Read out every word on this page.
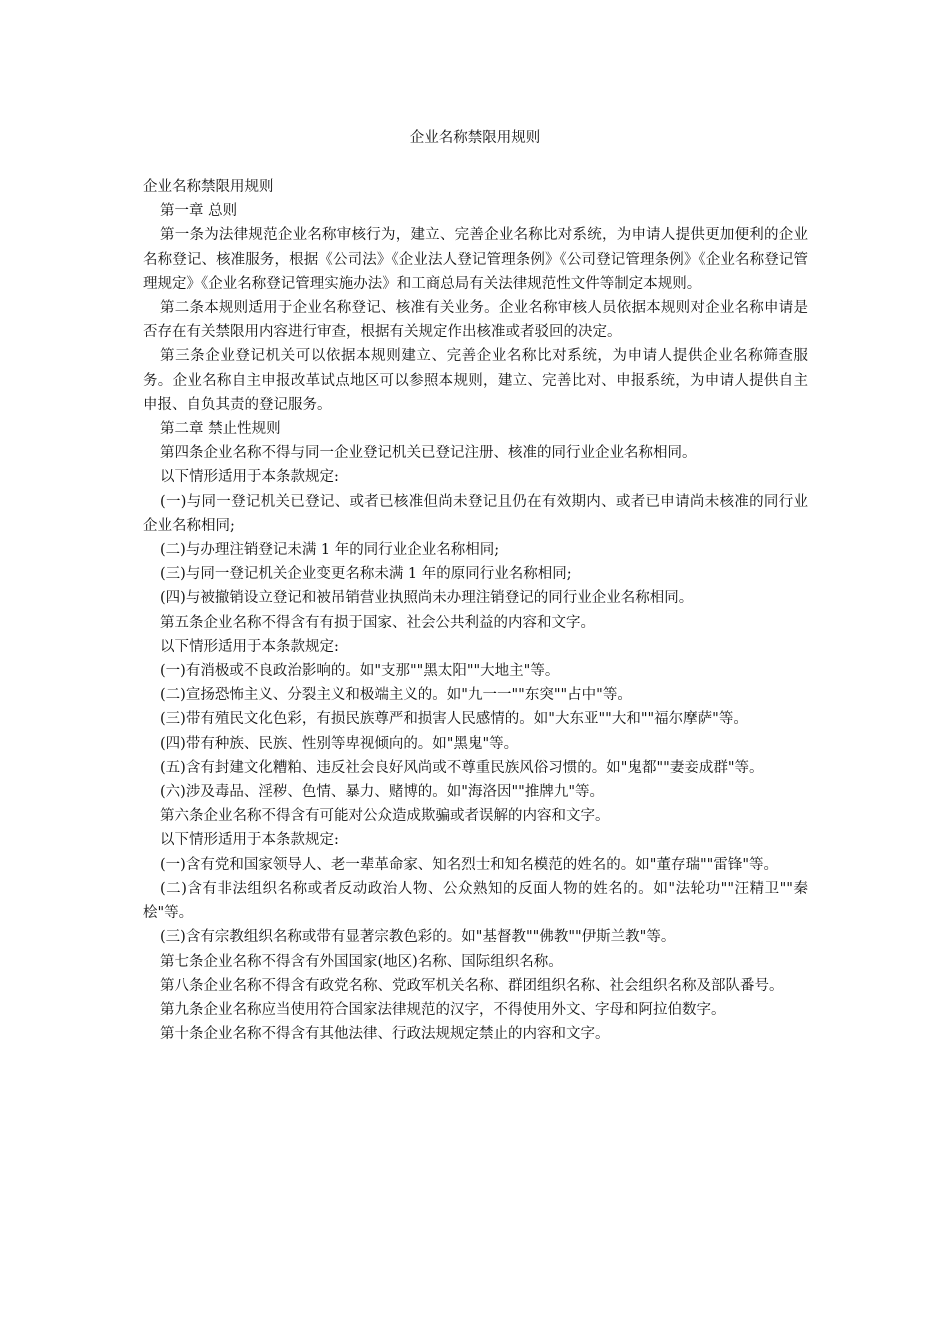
企业名称禁限用规则

企业名称禁限用规则

第一章 总则

第一条为法律规范企业名称审核行为，建立、完善企业名称比对系统，为申请人提供更加便利的企业名称登记、核准服务，根据《公司法》《企业法人登记管理条例》《公司登记管理条例》《企业名称登记管理规定》《企业名称登记管理实施办法》和工商总局有关法律规范性文件等制定本规则。

第二条本规则适用于企业名称登记、核准有关业务。企业名称审核人员依据本规则对企业名称申请是否存在有关禁限用内容进行审查，根据有关规定作出核准或者驳回的决定。

第三条企业登记机关可以依据本规则建立、完善企业名称比对系统，为申请人提供企业名称筛查服务。企业名称自主申报改革试点地区可以参照本规则，建立、完善比对、申报系统，为申请人提供自主申报、自负其责的登记服务。

第二章 禁止性规则

第四条企业名称不得与同一企业登记机关已登记注册、核准的同行业企业名称相同。

以下情形适用于本条款规定:

(一)与同一登记机关已登记、或者已核准但尚未登记且仍在有效期内、或者已申请尚未核准的同行业企业名称相同;

(二)与办理注销登记未满 1 年的同行业企业名称相同;

(三)与同一登记机关企业变更名称未满 1 年的原同行业名称相同;

(四)与被撤销设立登记和被吊销营业执照尚未办理注销登记的同行业企业名称相同。

第五条企业名称不得含有有损于国家、社会公共利益的内容和文字。

以下情形适用于本条款规定:

(一)有消极或不良政治影响的。如"支那""黑太阳""大地主"等。

(二)宣扬恐怖主义、分裂主义和极端主义的。如"九一一""东突""占中"等。

(三)带有殖民文化色彩，有损民族尊严和损害人民感情的。如"大东亚""大和""福尔摩萨"等。

(四)带有种族、民族、性别等卑视倾向的。如"黑鬼"等。

(五)含有封建文化糟粕、违反社会良好风尚或不尊重民族风俗习惯的。如"鬼都""妻妾成群"等。

(六)涉及毒品、淫秽、色情、暴力、赌博的。如"海洛因""推牌九"等。

第六条企业名称不得含有可能对公众造成欺骗或者误解的内容和文字。

以下情形适用于本条款规定:

(一)含有党和国家领导人、老一辈革命家、知名烈士和知名模范的姓名的。如"董存瑞""雷锋"等。

(二)含有非法组织名称或者反动政治人物、公众熟知的反面人物的姓名的。如"法轮功""汪精卫""秦桧"等。

(三)含有宗教组织名称或带有显著宗教色彩的。如"基督教""佛教""伊斯兰教"等。

第七条企业名称不得含有外国国家(地区)名称、国际组织名称。

第八条企业名称不得含有政党名称、党政军机关名称、群团组织名称、社会组织名称及部队番号。

第九条企业名称应当使用符合国家法律规范的汉字，不得使用外文、字母和阿拉伯数字。

第十条企业名称不得含有其他法律、行政法规规定禁止的内容和文字。
